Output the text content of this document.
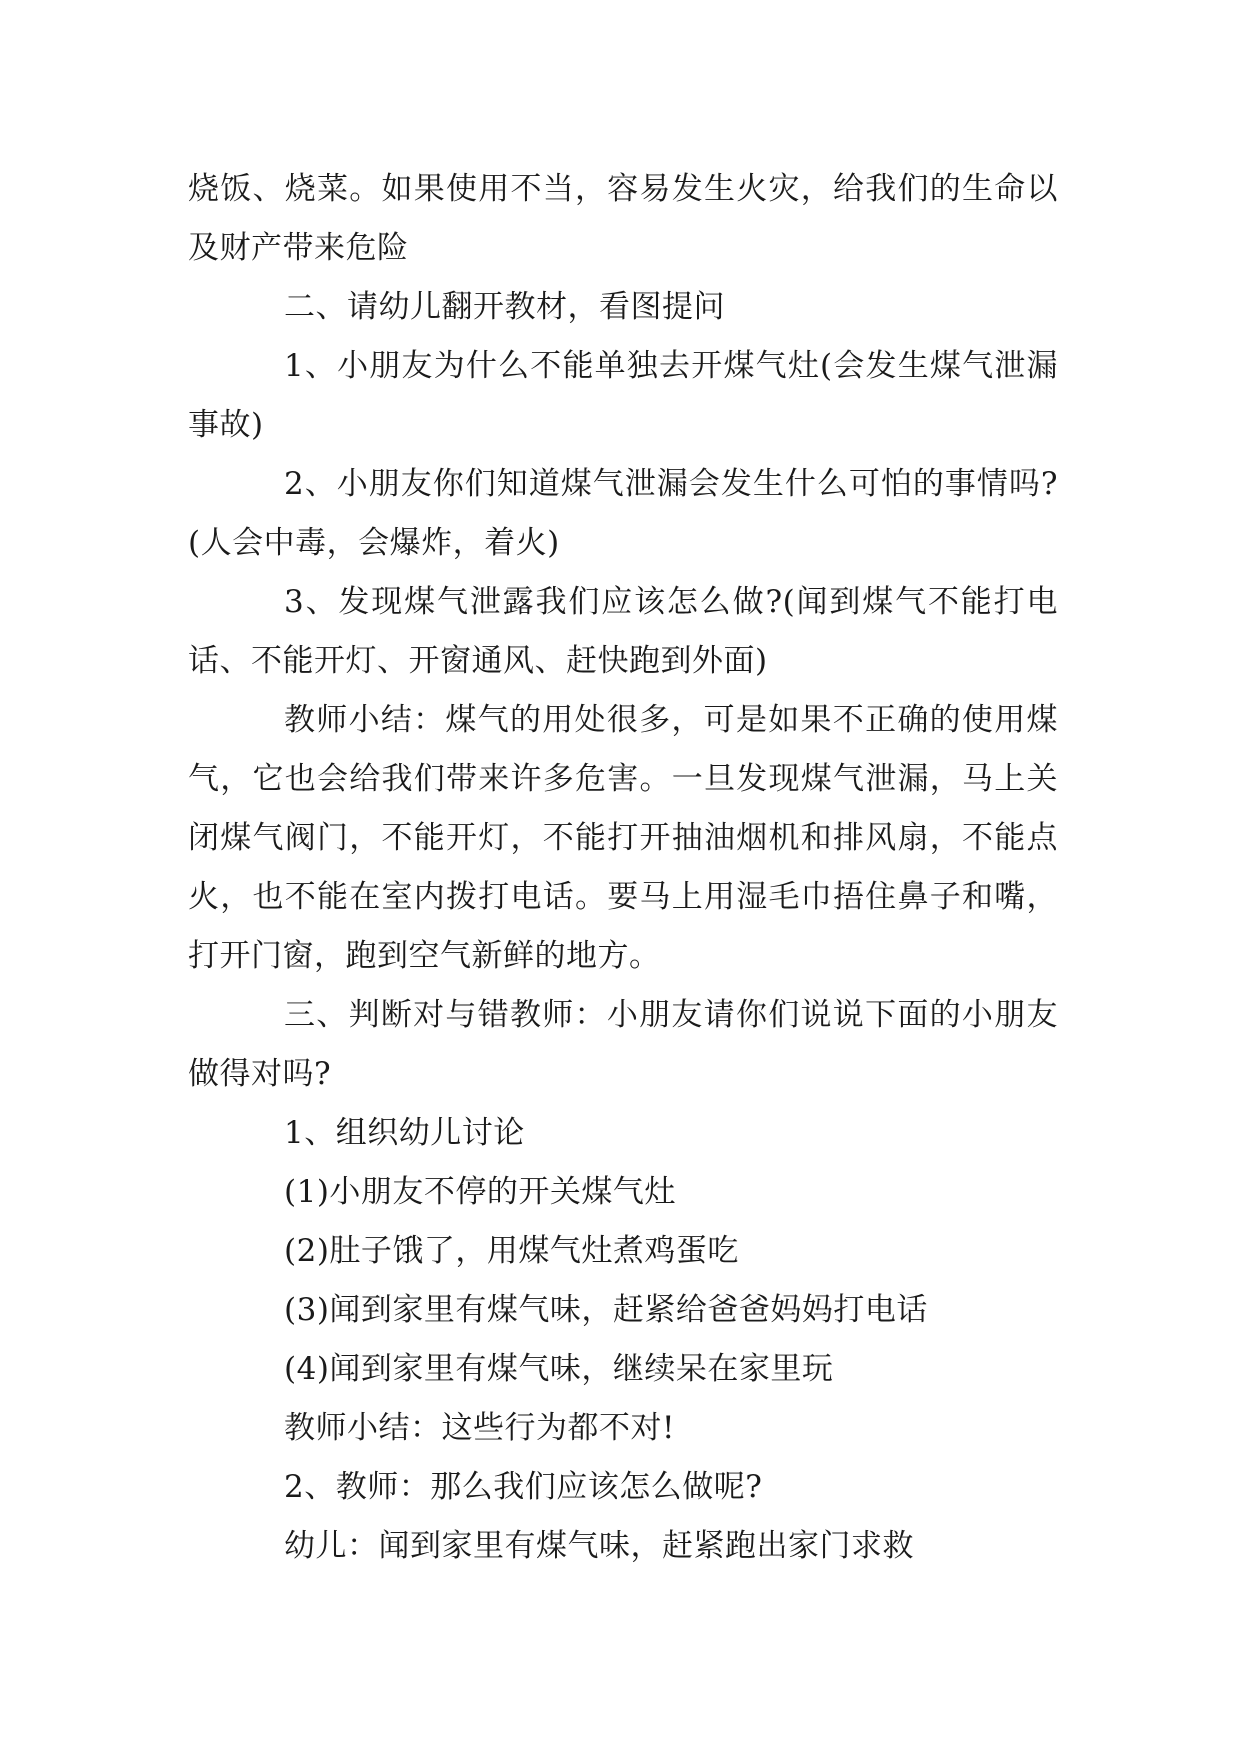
烧饭、烧菜。如果使用不当，容易发生火灾，给我们的生命以及财产带来危险

二、请幼儿翻开教材，看图提问

1、小朋友为什么不能单独去开煤气灶(会发生煤气泄漏事故)

2、小朋友你们知道煤气泄漏会发生什么可怕的事情吗?(人会中毒，会爆炸，着火)

3、发现煤气泄露我们应该怎么做?(闻到煤气不能打电话、不能开灯、开窗通风、赶快跑到外面)

教师小结：煤气的用处很多，可是如果不正确的使用煤气，它也会给我们带来许多危害。一旦发现煤气泄漏，马上关闭煤气阀门，不能开灯，不能打开抽油烟机和排风扇，不能点火，也不能在室内拨打电话。要马上用湿毛巾捂住鼻子和嘴，打开门窗，跑到空气新鲜的地方。

三、判断对与错教师：小朋友请你们说说下面的小朋友做得对吗?

1、组织幼儿讨论

(1)小朋友不停的开关煤气灶

(2)肚子饿了，用煤气灶煮鸡蛋吃

(3)闻到家里有煤气味，赶紧给爸爸妈妈打电话

(4)闻到家里有煤气味，继续呆在家里玩

教师小结：这些行为都不对!

2、教师：那么我们应该怎么做呢?

幼儿：闻到家里有煤气味，赶紧跑出家门求救
